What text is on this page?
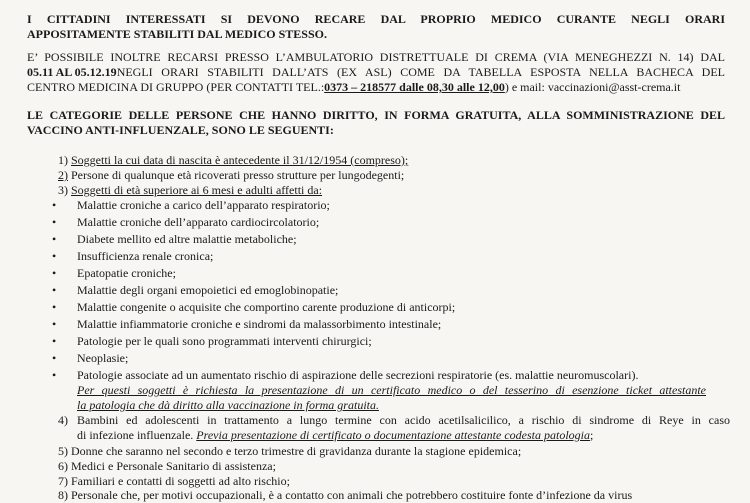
I CITTADINI INTERESSATI SI DEVONO RECARE DAL PROPRIO MEDICO CURANTE NEGLI ORARI
APPOSITAMENTE STABILITI DAL MEDICO STESSO.
E’ POSSIBILE INOLTRE RECARSI PRESSO L’AMBULATORIO DISTRETTUALE DI CREMA (VIA MENEGHEZZI N. 14) DAL
05.11 AL 05.12.19 NEGLI ORARI STABILITI DALL’ATS (EX ASL) COME DA TABELLA ESPOSTA NELLA BACHECA DEL
CENTRO MEDICINA DI GRUPPO (PER CONTATTI TEL.:0373 – 218577 dalle 08,30 alle 12,00) e mail: vaccinazioni@asst-crema.it
LE CATEGORIE DELLE PERSONE CHE HANNO DIRITTO, IN FORMA GRATUITA, ALLA SOMMINISTRAZIONE DEL
VACCINO ANTI-INFLUENZALE, SONO LE SEGUENTI:
1) Soggetti la cui data di nascita è antecedente il 31/12/1954 (compreso);
2) Persone di qualunque età ricoverati presso strutture per lungodegenti;
3) Soggetti di età superiore ai 6 mesi e adulti affetti da:
• Malattie croniche a carico dell’apparato respiratorio;
• Malattie croniche dell’apparato cardiocircolatorio;
• Diabete mellito ed altre malattie metaboliche;
• Insufficienza renale cronica;
• Epatopatie croniche;
• Malattie degli organi emopoietici ed emoglobinopatie;
• Malattie congenite o acquisite che comportino carente produzione di anticorpi;
• Malattie infiammatorie croniche e sindromi da malassorbimento intestinale;
• Patologie per le quali sono programmati interventi chirurgici;
• Neoplasie;
• Patologie associate ad un aumentato rischio di aspirazione delle secrezioni respiratorie (es. malattie neuromuscolari).
Per questi soggetti è richiesta la presentazione di un certificato medico o del tesserino di esenzione ticket attestante
la patologia che dà diritto alla vaccinazione in forma gratuita.
4) Bambini ed adolescenti in trattamento a lungo termine con acido acetilsalicilico, a rischio di sindrome di Reye in caso
di infezione influenzale. Previa presentazione di certificato o documentazione attestante codesta patologia;
5) Donne che saranno nel secondo e terzo trimestre di gravidanza durante la stagione epidemica;
6) Medici e Personale Sanitario di assistenza;
7) Familiari e contatti di soggetti ad alto rischio;
8) Personale che, per motivi occupazionali, è a contatto con animali che potrebbero costituire fonte d’infezione da virus
